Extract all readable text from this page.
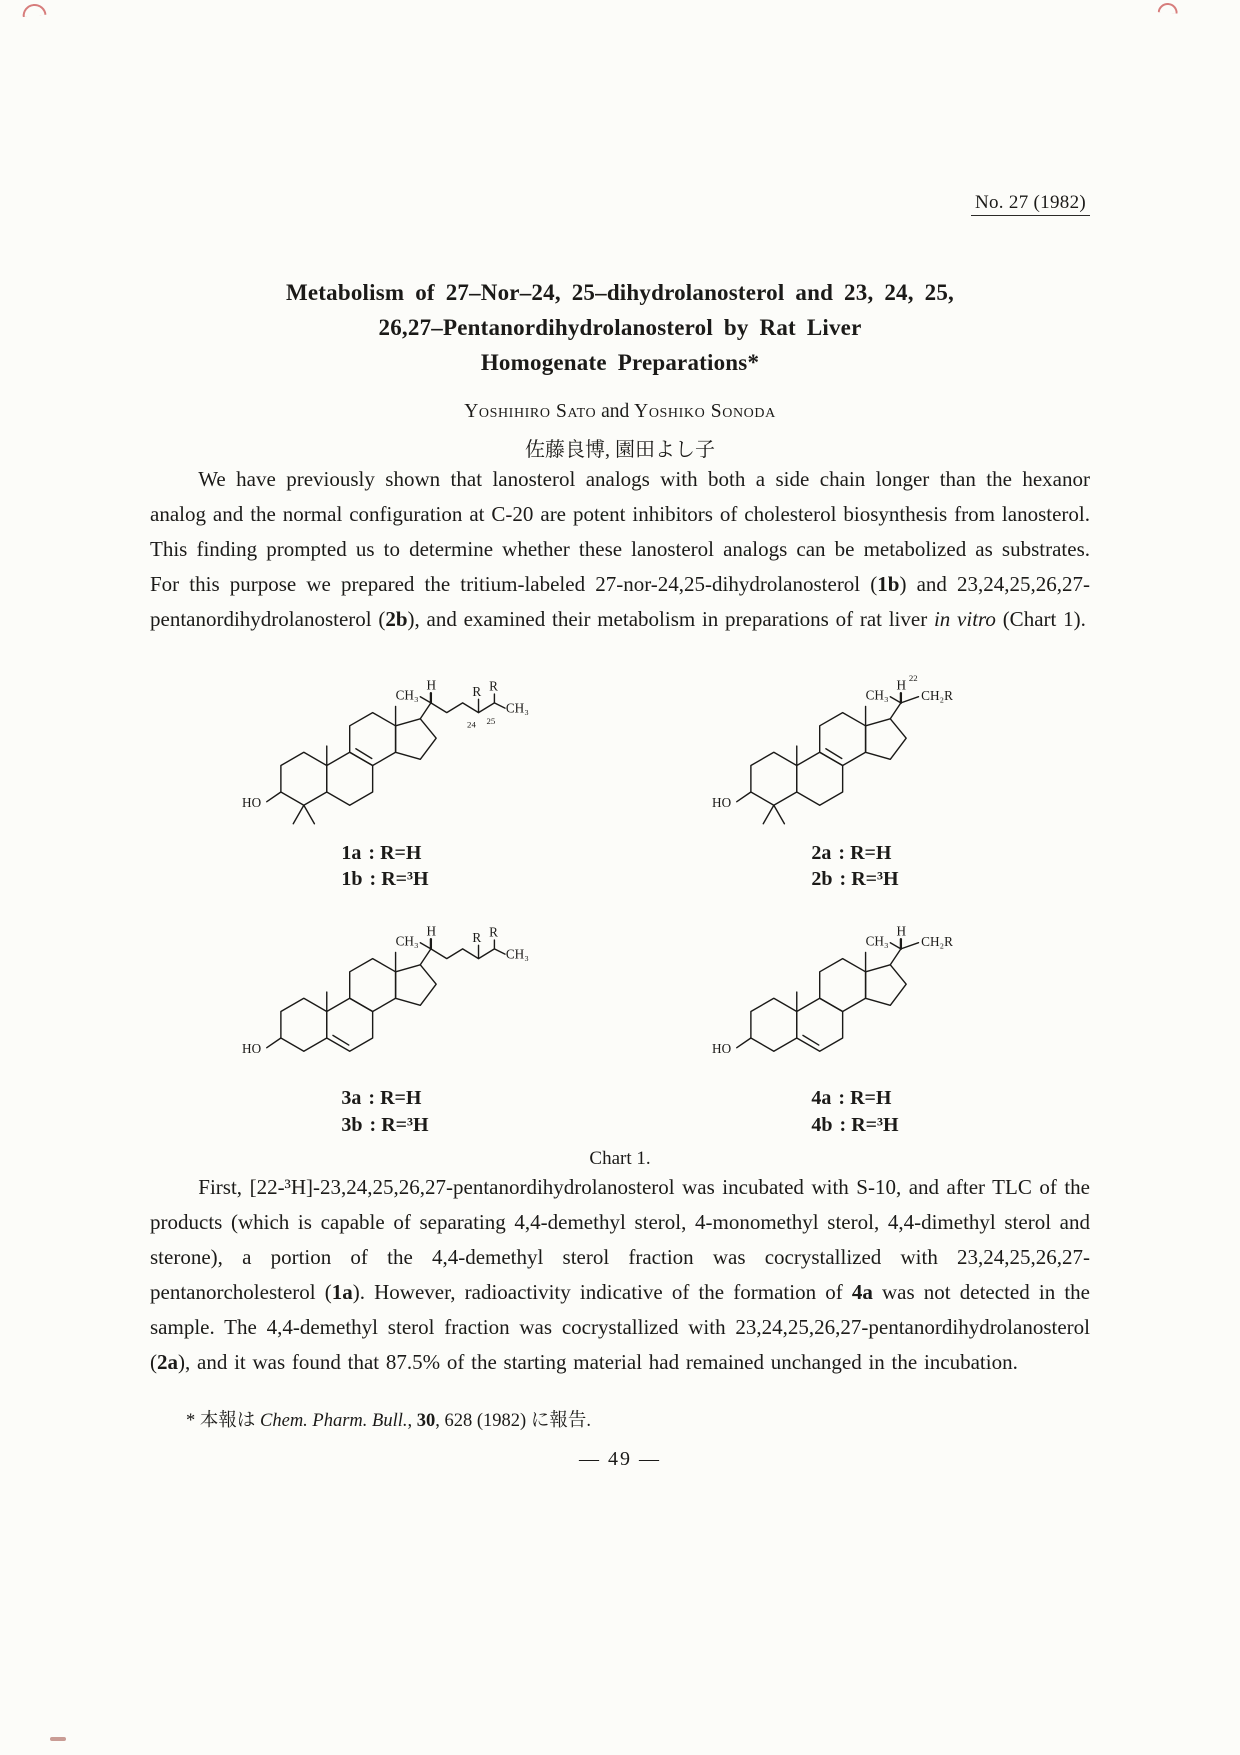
No. 27 (1982)
Metabolism of 27–Nor–24, 25–dihydrolanosterol and 23, 24, 25,
26,27–Pentanordihydrolanosterol by Rat Liver
Homogenate Preparations*
Yoshihiro Sato and Yoshiko Sonoda
佐藤良博, 園田よし子

We have previously shown that lanosterol analogs with both a side chain longer than the hexanor analog and the normal configuration at C-20 are potent inhibitors of cholesterol biosynthesis from lanosterol. This finding prompted us to determine whether these lanosterol analogs can be metabolized as substrates. For this purpose we prepared the tritium-labeled 27-nor-24,25-dihydrolanosterol (1b) and 23,24,25,26,27-pentanordihydrolanosterol (2b), and examined their metabolism in preparations of rat liver in vitro (Chart 1).

HO
CH₃
H R R
24 25
CH₃
1a : R=H
1b : R=³H
HO
CH₃
H 22
CH₂R
2a : R=H
2b : R=³H
HO
CH₃
H R R
CH₃
3a : R=H
3b : R=³H
HO
CH₃
H
CH₂R
4a : R=H
4b : R=³H
Chart 1.

First, [22-³H]-23,24,25,26,27-pentanordihydrolanosterol was incubated with S-10, and after TLC of the products (which is capable of separating 4,4-demethyl sterol, 4-monomethyl sterol, 4,4-dimethyl sterol and sterone), a portion of the 4,4-demethyl sterol fraction was cocrystallized with 23,24,25,26,27-pentanorcholesterol (1a). However, radioactivity indicative of the formation of 4a was not detected in the sample. The 4,4-demethyl sterol fraction was cocrystallized with 23,24,25,26,27-pentanordihydrolanosterol (2a), and it was found that 87.5% of the starting material had remained unchanged in the incubation.

* 本報は Chem. Pharm. Bull., 30, 628 (1982) に報告.
— 49 —
